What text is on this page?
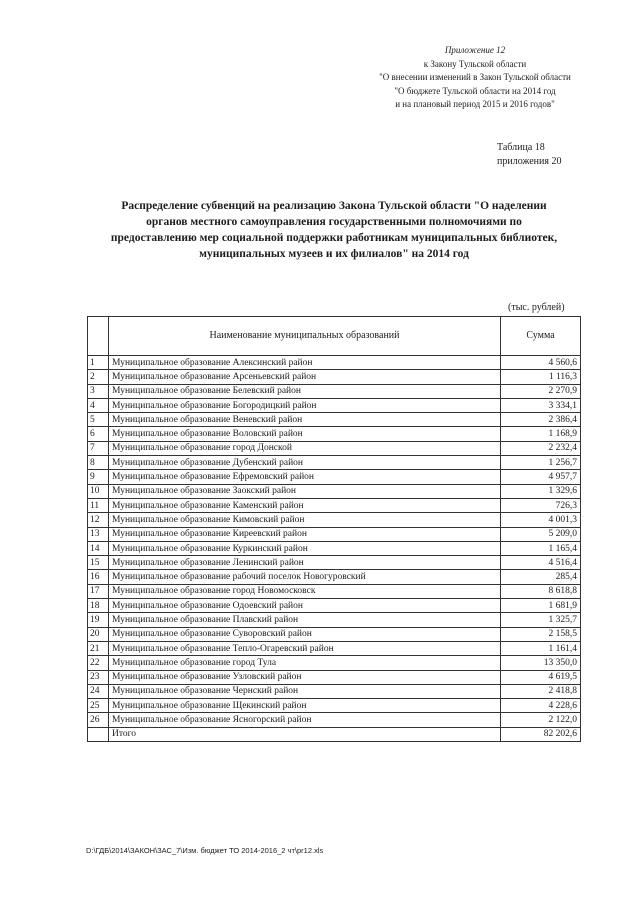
Приложение 12
к Закону Тульской области
"О внесении изменений в Закон Тульской области
"О бюджете Тульской области на 2014 год
и на плановый период 2015 и 2016 годов"
Таблица 18
приложения 20
Распределение субвенций на реализацию Закона Тульской области "О наделении
органов местного самоуправления государственными полномочиями по
предоставлению мер социальной поддержки работникам муниципальных библиотек,
муниципальных музеев и их филиалов" на 2014 год
(тыс. рублей)
	Наименование муниципальных образований	Сумма
1	Муниципальное образование Алексинский район	4 560,6
2	Муниципальное образование Арсеньевский район	1 116,3
3	Муниципальное образование Белевский район	2 270,9
4	Муниципальное образование Богородицкий район	3 334,1
5	Муниципальное образование Веневский район	2 386,4
6	Муниципальное образование Воловский район	1 168,9
7	Муниципальное образование город Донской	2 232,4
8	Муниципальное образование Дубенский район	1 256,7
9	Муниципальное образование Ефремовский район	4 957,7
10	Муниципальное образование Заокский район	1 329,6
11	Муниципальное образование Каменский район	726,3
12	Муниципальное образование Кимовский район	4 001,3
13	Муниципальное образование Киреевский район	5 209,0
14	Муниципальное образование Куркинский район	1 165,4
15	Муниципальное образование Ленинский район	4 516,4
16	Муниципальное образование рабочий поселок Новогуровский	285,4
17	Муниципальное образование город Новомосковск	8 618,8
18	Муниципальное образование Одоевский район	1 681,9
19	Муниципальное образование Плавский район	1 325,7
20	Муниципальное образование Суворовский район	2 158,5
21	Муниципальное образование Тепло-Огаревский район	1 161,4
22	Муниципальное образование город Тула	13 350,0
23	Муниципальное образование Узловский район	4 619,5
24	Муниципальное образование Чернский район	2 418,8
25	Муниципальное образование Щекинский район	4 228,6
26	Муниципальное образование Ясногорский район	2 122,0
	Итого	82 202,6
D:\ГДБ\2014\ЗАКОН\ЗАС_7\Изм. бюджет ТО 2014-2016_2 чт\pr12.xls
